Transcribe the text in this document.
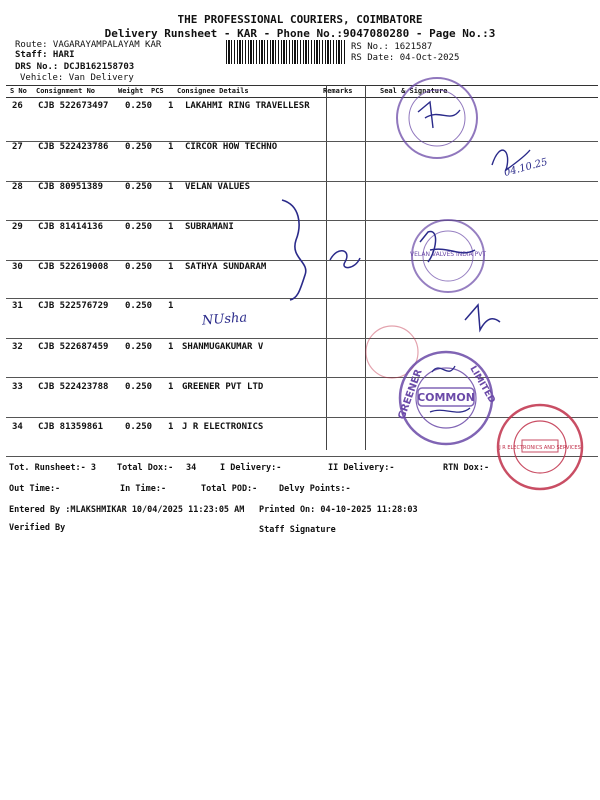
THE PROFESSIONAL COURIERS, COIMBATORE
Delivery Runsheet - KAR - Phone No.:9047080280 - Page No.:3
Route: VAGARAYAMPALAYAM KAR
Staff: HARI
DRS No.: DCJB162158703
Vehicle: Van Delivery
RS No.: 1621587
RS Date: 04-Oct-2025
S No Consignment No	Weight PCS Consignee Details	Remarks	Seal & Signature
26 CJB 522673497 0.250 1 LAKAHMI RING TRAVELLESR
27 CJB 522423786 0.250 1 CIRCOR HOW TECHNO
28 CJB 80951389 0.250 1 VELAN VALUES
29 CJB 81414136 0.250 1 SUBRAMANI
30 CJB 522619008 0.250 1 SATHYA SUNDARAM
31 CJB 522576729 0.250 1
32 CJB 522687459 0.250 1 SHANMUGAKUMAR V
33 CJB 522423788 0.250 1 GREENER PVT LTD
34 CJB 81359861 0.250 1 J R ELECTRONICS
NUsha
04.10.25
VELAN VALVES INDIA PVT
GREENER	LIMITED
COMMON
J R ELECTRONICS AND SERVICES
Tot. Runsheet:- 3 Total Dox:- 34	I Delivery:-	II Delivery:-	RTN Dox:-
Out Time:-	In Time:-	Total POD:-	Delvy Points:-
Entered By :MLAKSHMIKAR 10/04/2025 11:23:05 AM Printed On: 04-10-2025 11:28:03
Verified By	Staff Signature
